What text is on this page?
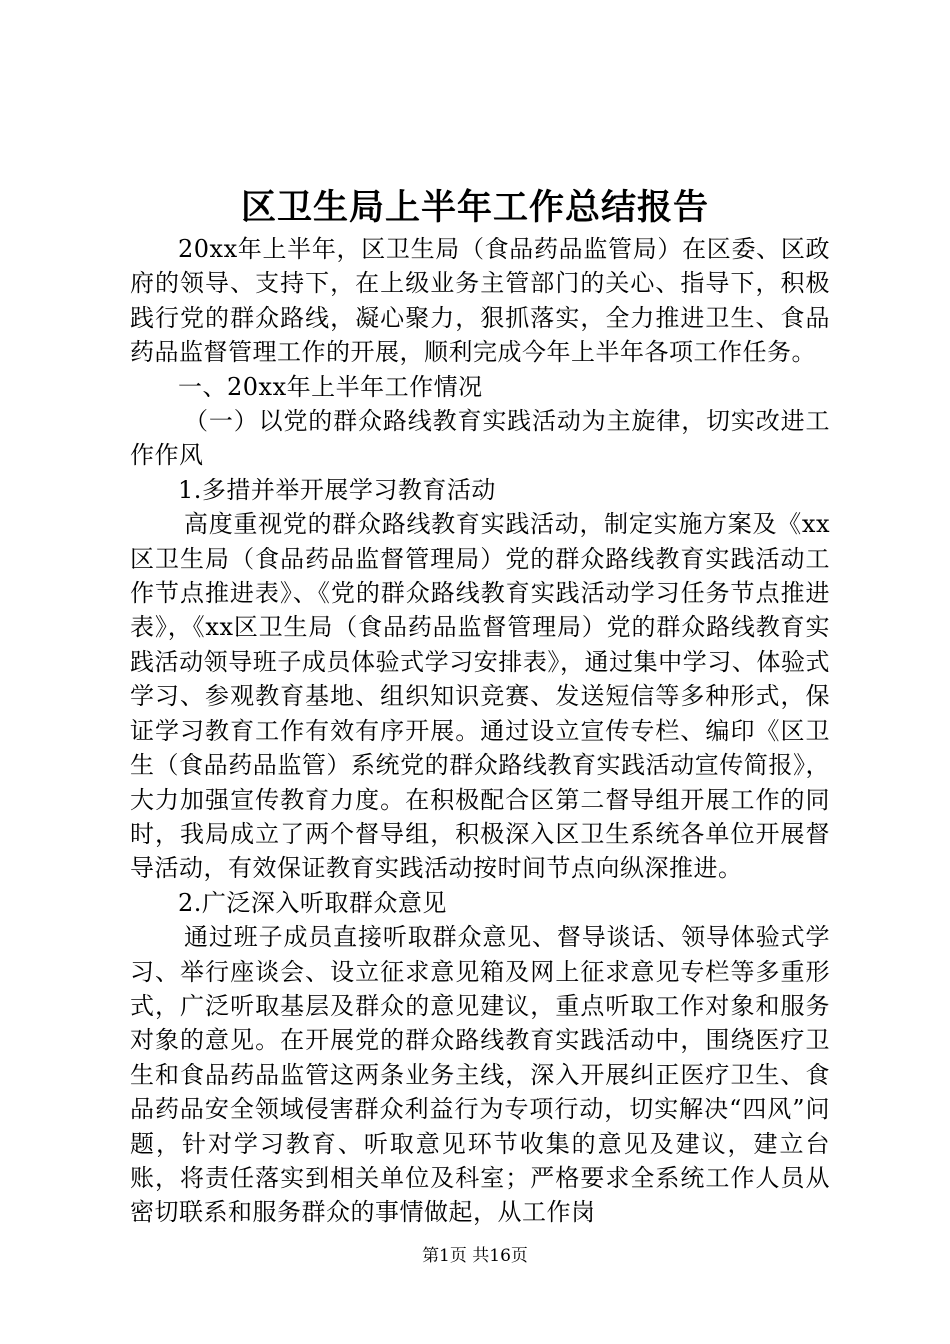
区卫生局上半年工作总结报告

20xx年上半年，区卫生局（食品药品监管局）在区委、区政府的领导、支持下，在上级业务主管部门的关心、指导下，积极践行党的群众路线，凝心聚力，狠抓落实，全力推进卫生、食品药品监督管理工作的开展，顺利完成今年上半年各项工作任务。

一、20xx年上半年工作情况

（一）以党的群众路线教育实践活动为主旋律，切实改进工作作风

1.多措并举开展学习教育活动

高度重视党的群众路线教育实践活动，制定实施方案及《xx区卫生局（食品药品监督管理局）党的群众路线教育实践活动工作节点推进表》、《党的群众路线教育实践活动学习任务节点推进表》，《xx区卫生局（食品药品监督管理局）党的群众路线教育实践活动领导班子成员体验式学习安排表》，通过集中学习、体验式学习、参观教育基地、组织知识竞赛、发送短信等多种形式，保证学习教育工作有效有序开展。通过设立宣传专栏、编印《区卫生（食品药品监管）系统党的群众路线教育实践活动宣传简报》，大力加强宣传教育力度。在积极配合区第二督导组开展工作的同时，我局成立了两个督导组，积极深入区卫生系统各单位开展督导活动，有效保证教育实践活动按时间节点向纵深推进。

2.广泛深入听取群众意见

通过班子成员直接听取群众意见、督导谈话、领导体验式学习、举行座谈会、设立征求意见箱及网上征求意见专栏等多重形式，广泛听取基层及群众的意见建议，重点听取工作对象和服务对象的意见。在开展党的群众路线教育实践活动中，围绕医疗卫生和食品药品监管这两条业务主线，深入开展纠正医疗卫生、食品药品安全领域侵害群众利益行为专项行动，切实解决“四风”问题，针对学习教育、听取意见环节收集的意见及建议，建立台账，将责任落实到相关单位及科室；严格要求全系统工作人员从密切联系和服务群众的事情做起，从工作岗

第1页 共16页
